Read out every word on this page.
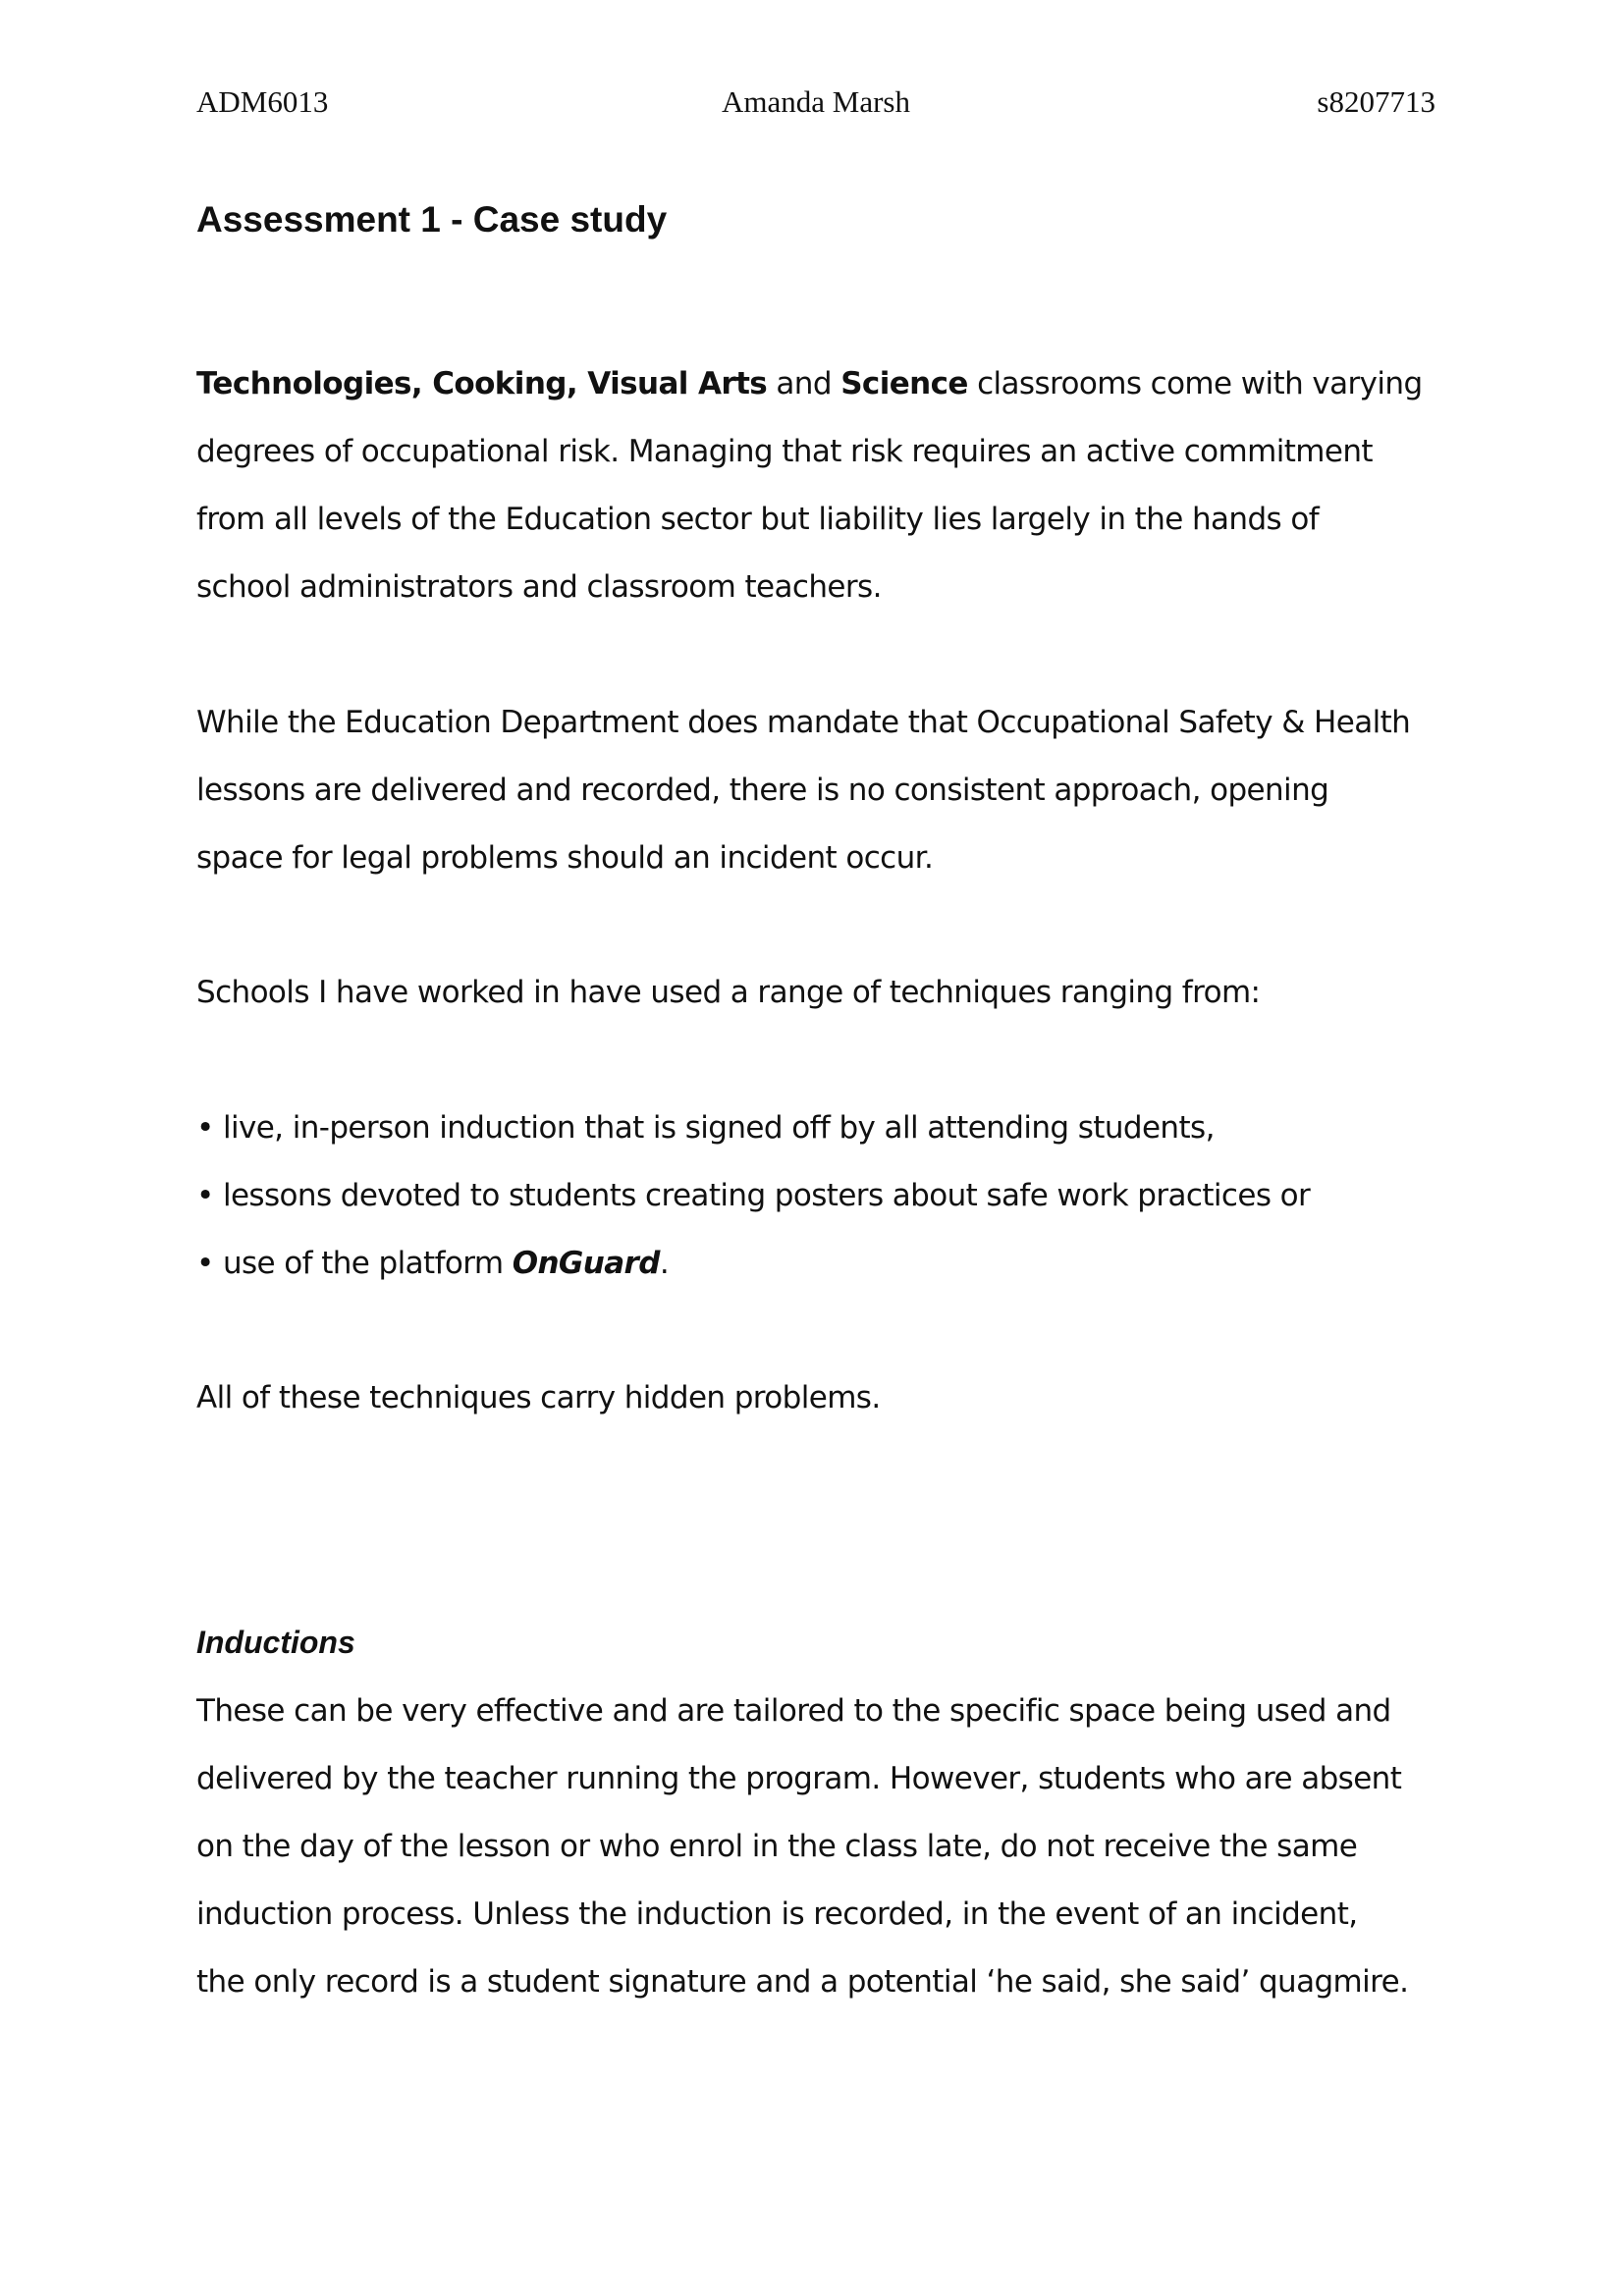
ADM6013	Amanda Marsh	s8207713
Assessment 1 - Case study

Technologies, Cooking, Visual Arts and Science classrooms come with varying
degrees of occupational risk. Managing that risk requires an active commitment
from all levels of the Education sector but liability lies largely in the hands of
school administrators and classroom teachers.

While the Education Department does mandate that Occupational Safety & Health
lessons are delivered and recorded, there is no consistent approach, opening
space for legal problems should an incident occur.

Schools I have worked in have used a range of techniques ranging from:

• live, in-person induction that is signed off by all attending students,
• lessons devoted to students creating posters about safe work practices or
• use of the platform OnGuard.

All of these techniques carry hidden problems.

Inductions

These can be very effective and are tailored to the specific space being used and
delivered by the teacher running the program. However, students who are absent
on the day of the lesson or who enrol in the class late, do not receive the same
induction process. Unless the induction is recorded, in the event of an incident,
the only record is a student signature and a potential ‘he said, she said’ quagmire.
